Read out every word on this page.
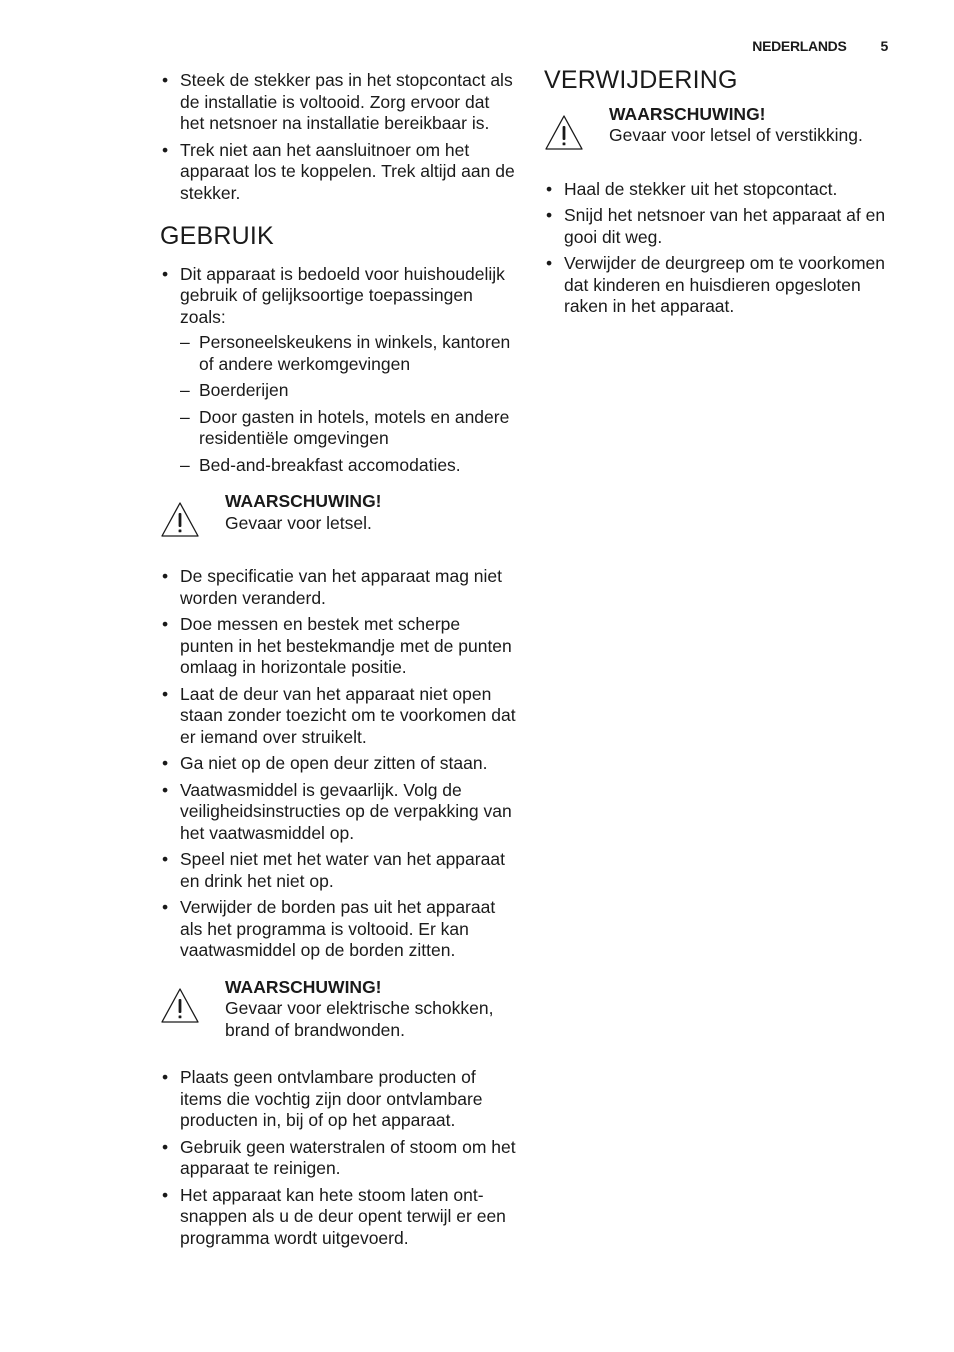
NEDERLANDS 5
• Steek de stekker pas in het stopcontact als de installatie is voltooid. Zorg ervoor dat het netsnoer na installatie bereikbaar is.
• Trek niet aan het aansluitnoer om het apparaat los te koppelen. Trek altijd aan de stekker.
GEBRUIK
• Dit apparaat is bedoeld voor huishoudelijk gebruik of gelijksoortige toepassingen zoals:
– Personeelskeukens in winkels, kantoren of andere werkomgevingen
– Boerderijen
– Door gasten in hotels, motels en andere residentiële omgevingen
– Bed-and-breakfast accomodaties.
WAARSCHUWING!
Gevaar voor letsel.
• De specificatie van het apparaat mag niet worden veranderd.
• Doe messen en bestek met scherpe punten in het bestekmandje met de punten omlaag in horizontale positie.
• Laat de deur van het apparaat niet open staan zonder toezicht om te voorkomen dat er iemand over struikelt.
• Ga niet op de open deur zitten of staan.
• Vaatwasmiddel is gevaarlijk. Volg de veiligheidsinstructies op de verpakking van het vaatwasmiddel op.
• Speel niet met het water van het apparaat en drink het niet op.
• Verwijder de borden pas uit het apparaat als het programma is voltooid. Er kan vaatwasmiddel op de borden zitten.
WAARSCHUWING!
Gevaar voor elektrische schokken, brand of brandwonden.
• Plaats geen ontvlambare producten of items die vochtig zijn door ontvlambare producten in, bij of op het apparaat.
• Gebruik geen waterstralen of stoom om het apparaat te reinigen.
• Het apparaat kan hete stoom laten ontsnappen als u de deur opent terwijl er een programma wordt uitgevoerd.
VERWIJDERING
WAARSCHUWING!
Gevaar voor letsel of verstikking.
• Haal de stekker uit het stopcontact.
• Snijd het netsnoer van het apparaat af en gooi dit weg.
• Verwijder de deurgreep om te voorkomen dat kinderen en huisdieren opgesloten raken in het apparaat.
